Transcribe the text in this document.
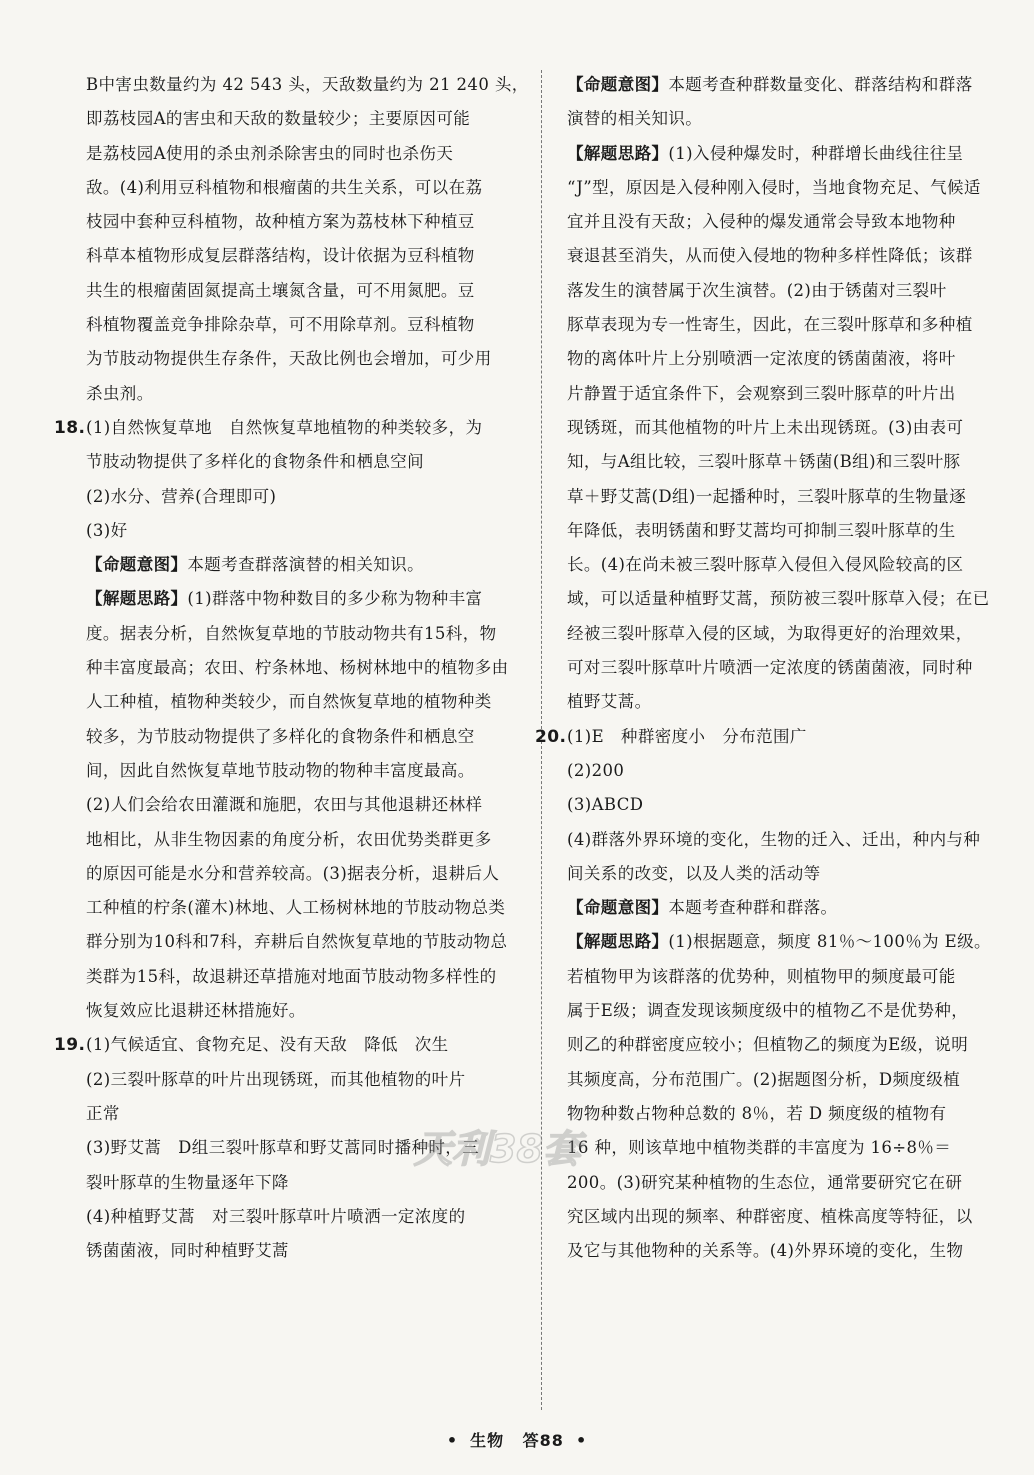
B中害虫数量约为 42 543 头，天敌数量约为 21 240 头，
即荔枝园A的害虫和天敌的数量较少；主要原因可能
是荔枝园A使用的杀虫剂杀除害虫的同时也杀伤天
敌。(4)利用豆科植物和根瘤菌的共生关系，可以在荔
枝园中套种豆科植物，故种植方案为荔枝林下种植豆
科草本植物形成复层群落结构，设计依据为豆科植物
共生的根瘤菌固氮提高土壤氮含量，可不用氮肥。豆
科植物覆盖竞争排除杂草，可不用除草剂。豆科植物
为节肢动物提供生存条件，天敌比例也会增加，可少用
杀虫剂。
18.(1)自然恢复草地　自然恢复草地植物的种类较多，为
节肢动物提供了多样化的食物条件和栖息空间
(2)水分、营养(合理即可)
(3)好
【命题意图】本题考查群落演替的相关知识。
【解题思路】(1)群落中物种数目的多少称为物种丰富
度。据表分析，自然恢复草地的节肢动物共有15科，物
种丰富度最高；农田、柠条林地、杨树林地中的植物多由
人工种植，植物种类较少，而自然恢复草地的植物种类
较多，为节肢动物提供了多样化的食物条件和栖息空
间，因此自然恢复草地节肢动物的物种丰富度最高。
(2)人们会给农田灌溉和施肥，农田与其他退耕还林样
地相比，从非生物因素的角度分析，农田优势类群更多
的原因可能是水分和营养较高。(3)据表分析，退耕后人
工种植的柠条(灌木)林地、人工杨树林地的节肢动物总类
群分别为10科和7科，弃耕后自然恢复草地的节肢动物总
类群为15科，故退耕还草措施对地面节肢动物多样性的
恢复效应比退耕还林措施好。
19.(1)气候适宜、食物充足、没有天敌　降低　次生
(2)三裂叶豚草的叶片出现锈斑，而其他植物的叶片
正常
(3)野艾蒿　D组三裂叶豚草和野艾蒿同时播种时，三
裂叶豚草的生物量逐年下降
(4)种植野艾蒿　对三裂叶豚草叶片喷洒一定浓度的
锈菌菌液，同时种植野艾蒿
【命题意图】本题考查种群数量变化、群落结构和群落
演替的相关知识。
【解题思路】(1)入侵种爆发时，种群增长曲线往往呈
“J”型，原因是入侵种刚入侵时，当地食物充足、气候适
宜并且没有天敌；入侵种的爆发通常会导致本地物种
衰退甚至消失，从而使入侵地的物种多样性降低；该群
落发生的演替属于次生演替。(2)由于锈菌对三裂叶
豚草表现为专一性寄生，因此，在三裂叶豚草和多种植
物的离体叶片上分别喷洒一定浓度的锈菌菌液，将叶
片静置于适宜条件下，会观察到三裂叶豚草的叶片出
现锈斑，而其他植物的叶片上未出现锈斑。(3)由表可
知，与A组比较，三裂叶豚草＋锈菌(B组)和三裂叶豚
草＋野艾蒿(D组)一起播种时，三裂叶豚草的生物量逐
年降低，表明锈菌和野艾蒿均可抑制三裂叶豚草的生
长。(4)在尚未被三裂叶豚草入侵但入侵风险较高的区
域，可以适量种植野艾蒿，预防被三裂叶豚草入侵；在已
经被三裂叶豚草入侵的区域，为取得更好的治理效果，
可对三裂叶豚草叶片喷洒一定浓度的锈菌菌液，同时种
植野艾蒿。
20.(1)E　种群密度小　分布范围广
(2)200
(3)ABCD
(4)群落外界环境的变化，生物的迁入、迁出，种内与种
间关系的改变，以及人类的活动等
【命题意图】本题考查种群和群落。
【解题思路】(1)根据题意，频度 81％～100％为 E级。
若植物甲为该群落的优势种，则植物甲的频度最可能
属于E级；调查发现该频度级中的植物乙不是优势种，
则乙的种群密度应较小；但植物乙的频度为E级，说明
其频度高，分布范围广。(2)据题图分析，D频度级植
物物种数占物种总数的 8％，若 D 频度级的植物有
16 种，则该草地中植物类群的丰富度为 16÷8％＝
200。(3)研究某种植物的生态位，通常要研究它在研
究区域内出现的频率、种群密度、植株高度等特征，以
及它与其他物种的关系等。(4)外界环境的变化，生物
天利38套
• 生物 答88 •
